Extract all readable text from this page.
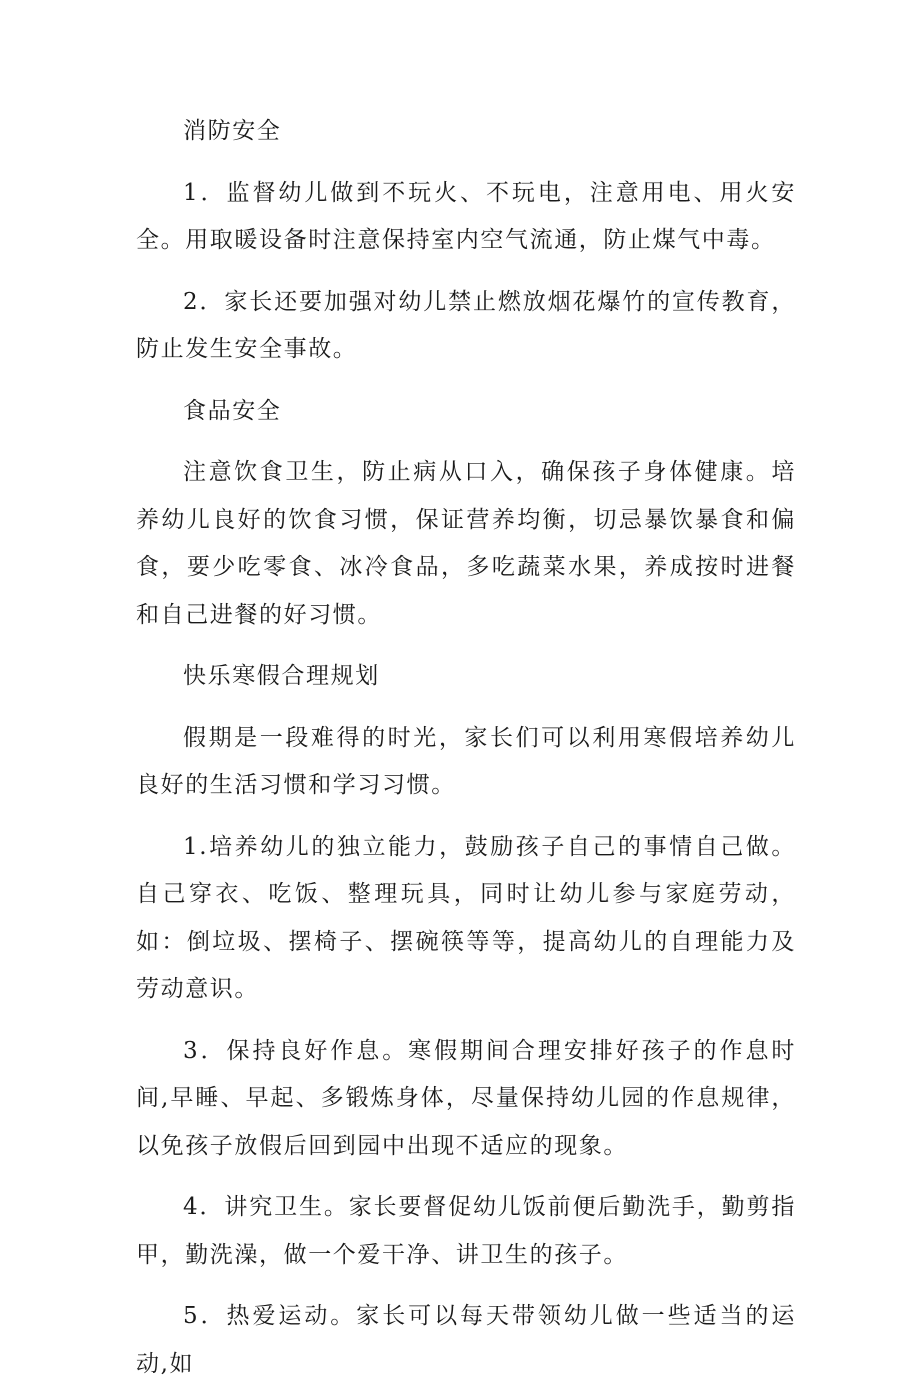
消防安全

1．监督幼儿做到不玩火、不玩电，注意用电、用火安全。用取暖设备时注意保持室内空气流通，防止煤气中毒。

2．家长还要加强对幼儿禁止燃放烟花爆竹的宣传教育，防止发生安全事故。

食品安全

注意饮食卫生，防止病从口入，确保孩子身体健康。培养幼儿良好的饮食习惯，保证营养均衡，切忌暴饮暴食和偏食，要少吃零食、冰冷食品，多吃蔬菜水果，养成按时进餐和自己进餐的好习惯。

快乐寒假合理规划

假期是一段难得的时光，家长们可以利用寒假培养幼儿良好的生活习惯和学习习惯。

1.培养幼儿的独立能力，鼓励孩子自己的事情自己做。自己穿衣、吃饭、整理玩具，同时让幼儿参与家庭劳动，如：倒垃圾、摆椅子、摆碗筷等等，提高幼儿的自理能力及劳动意识。

3．保持良好作息。寒假期间合理安排好孩子的作息时间,早睡、早起、多锻炼身体，尽量保持幼儿园的作息规律，以免孩子放假后回到园中出现不适应的现象。

4．讲究卫生。家长要督促幼儿饭前便后勤洗手，勤剪指甲，勤洗澡，做一个爱干净、讲卫生的孩子。

5．热爱运动。家长可以每天带领幼儿做一些适当的运动,如
